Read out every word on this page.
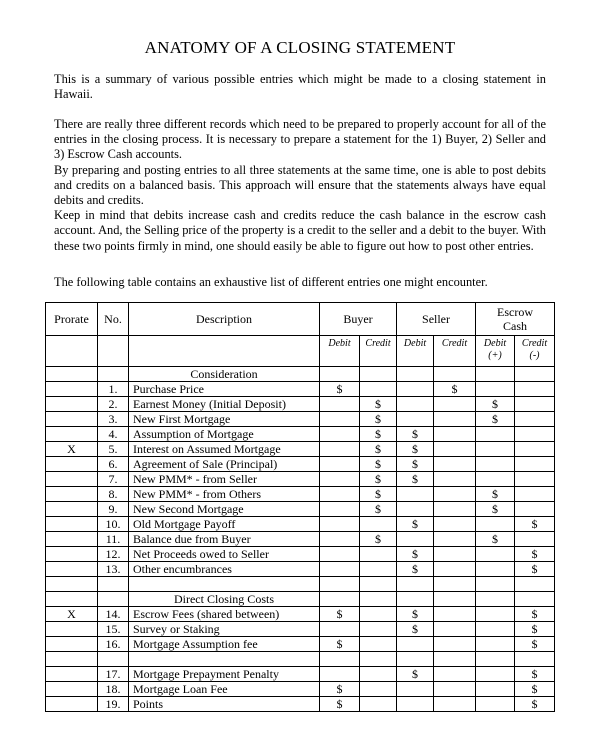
ANATOMY OF A CLOSING STATEMENT

This is a summary of various possible entries which might be made to a closing statement in Hawaii.

There are really three different records which need to be prepared to properly account for all of the entries in the closing process. It is necessary to prepare a statement for the 1) Buyer, 2) Seller and 3) Escrow Cash accounts.

By preparing and posting entries to all three statements at the same time, one is able to post debits and credits on a balanced basis. This approach will ensure that the statements always have equal debits and credits.

Keep in mind that debits increase cash and credits reduce the cash balance in the escrow cash account. And, the Selling price of the property is a credit to the seller and a debit to the buyer. With these two points firmly in mind, one should easily be able to figure out how to post other entries.

The following table contains an exhaustive list of different entries one might encounter.

Prorate	No.	Description	Buyer		Seller		Escrow Cash	
			Debit	Credit	Debit	Credit	Debit (+)	Credit (-)
		Consideration						
	1.	Purchase Price	$			$		
	2.	Earnest Money (Initial Deposit)		$			$	
	3.	New First Mortgage		$			$	
	4.	Assumption of Mortgage		$	$			
X	5.	Interest on Assumed Mortgage		$	$			
	6.	Agreement of Sale (Principal)		$	$			
	7.	New PMM* - from Seller		$	$			
	8.	New PMM* - from Others		$			$	
	9.	New Second Mortgage		$			$	
	10.	Old Mortgage Payoff			$			$
	11.	Balance due from Buyer		$			$	
	12.	Net Proceeds owed to Seller			$			$
	13.	Other encumbrances			$			$

		Direct Closing Costs						
X	14.	Escrow Fees (shared between)	$		$			$
	15.	Survey or Staking			$			$
	16.	Mortgage Assumption fee	$					$

	17.	Mortgage Prepayment Penalty			$			$
	18.	Mortgage Loan Fee	$					$
	19.	Points	$					$
